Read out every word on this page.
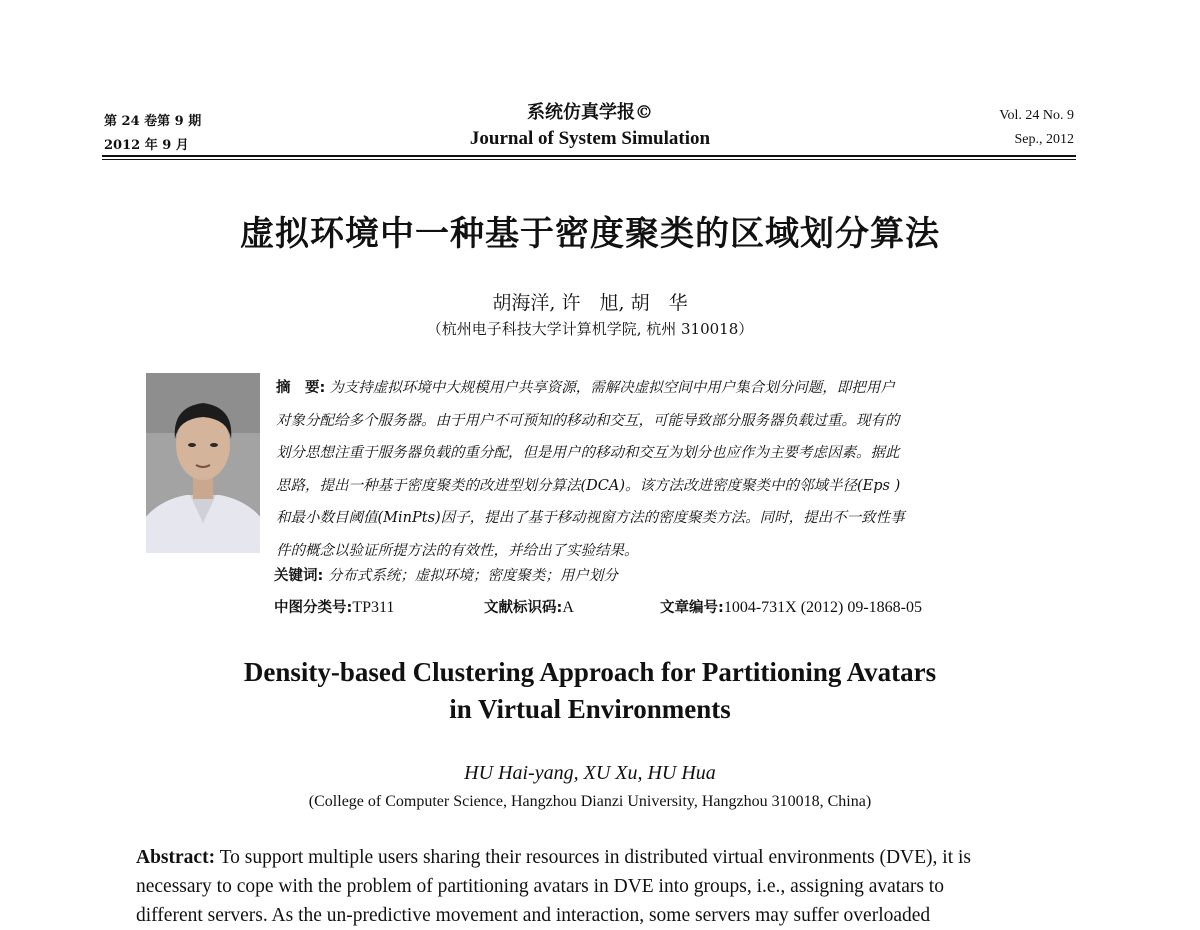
第 24 卷第 9 期
2012 年 9 月
系统仿真学报©
Journal of System Simulation
Vol. 24 No. 9
Sep., 2012
虚拟环境中一种基于密度聚类的区域划分算法
胡海洋, 许　旭, 胡　华
（杭州电子科技大学计算机学院, 杭州 310018）
摘　要: 为支持虚拟环境中大规模用户共享资源，需解决虚拟空间中用户集合划分问题，即把用户
对象分配给多个服务器。由于用户不可预知的移动和交互，可能导致部分服务器负载过重。现有的
划分思想注重于服务器负载的重分配，但是用户的移动和交互为划分也应作为主要考虑因素。据此
思路，提出一种基于密度聚类的改进型划分算法(DCA)。该方法改进密度聚类中的邻域半径(Eps )
和最小数目阈值(MinPts)因子，提出了基于移动视窗方法的密度聚类方法。同时，提出不一致性事
件的概念以验证所提方法的有效性，并给出了实验结果。
关键词: 分布式系统；虚拟环境；密度聚类；用户划分
中图分类号:TP311	文献标识码:A	文章编号:1004-731X (2012) 09-1868-05
Density-based Clustering Approach for Partitioning Avatars
in Virtual Environments
HU Hai-yang, XU Xu, HU Hua
(College of Computer Science, Hangzhou Dianzi University, Hangzhou 310018, China)
Abstract: To support multiple users sharing their resources in distributed virtual environments (DVE), it is
necessary to cope with the problem of partitioning avatars in DVE into groups, i.e., assigning avatars to
different servers. As the un-predictive movement and interaction, some servers may suffer overloaded
